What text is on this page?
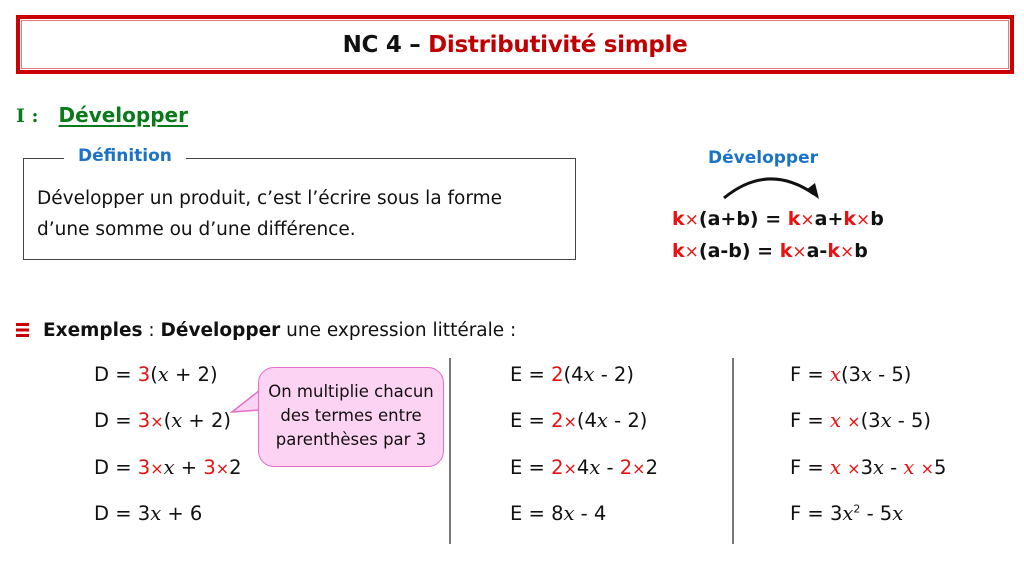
NC 4 – Distributivité simple
I : Développer
Définition
Développer un produit, c’est l’écrire sous la forme
d’une somme ou d’une différence.
Développer
k×(a+b) = k×a+k×b
k×(a-b) = k×a-k×b
Exemples : Développer une expression littérale :
D = 3(x + 2)
D = 3×(x + 2)
D = 3×x + 3×2
D = 3x + 6
On multiplie chacun
des termes entre
parenthèses par 3
E = 2(4x - 2)
E = 2×(4x - 2)
E = 2×4x - 2×2
E = 8x - 4
F = x(3x - 5)
F = x ×(3x - 5)
F = x ×3x - x ×5
$F = 3x^2 - 5x$
